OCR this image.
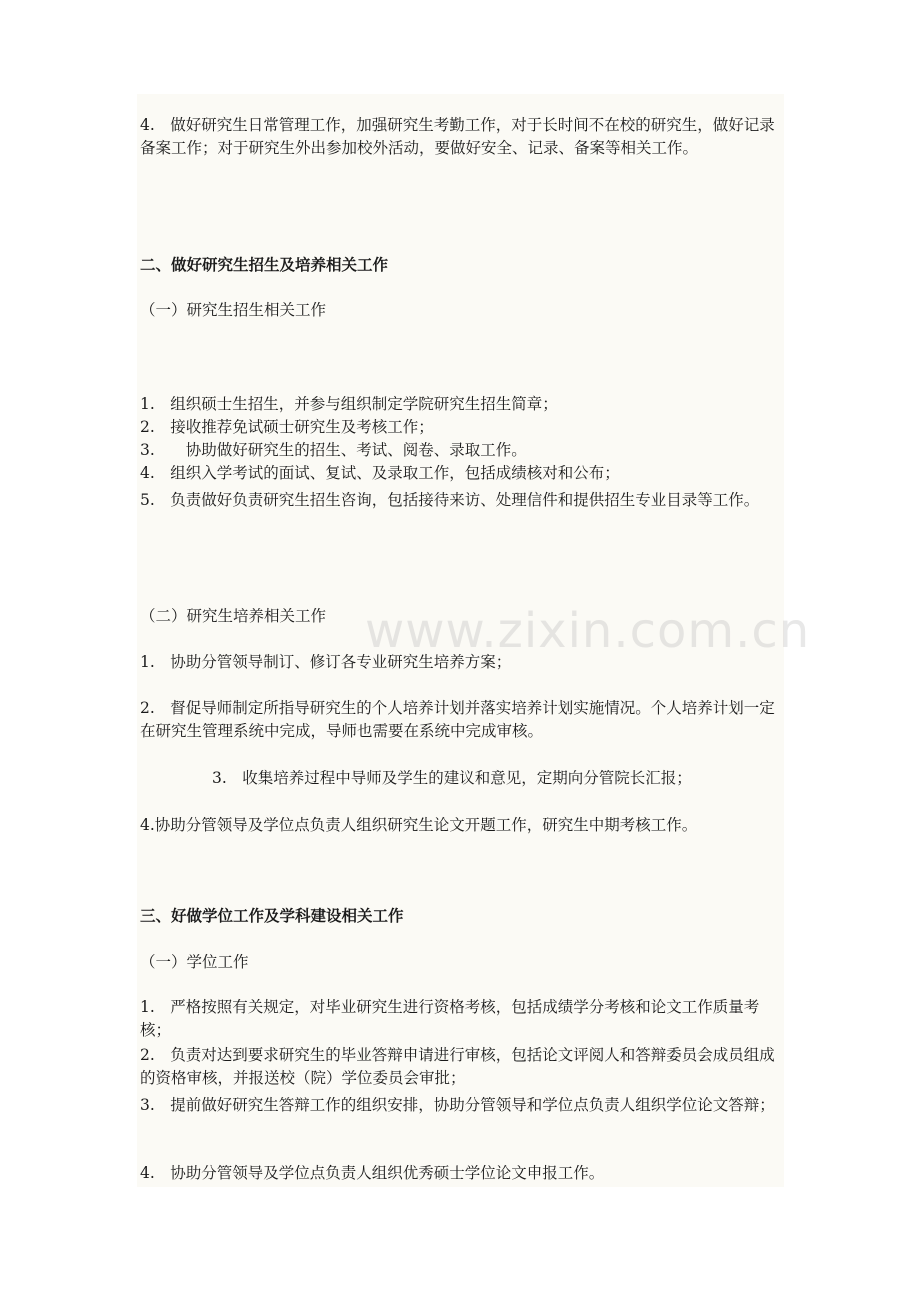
4.　做好研究生日常管理工作，加强研究生考勤工作，对于长时间不在校的研究生，做好记录备案工作；对于研究生外出参加校外活动，要做好安全、记录、备案等相关工作。

二、做好研究生招生及培养相关工作

（一）研究生招生相关工作

1.　组织硕士生招生，并参与组织制定学院研究生招生简章；

2.　接收推荐免试硕士研究生及考核工作；

3.　　协助做好研究生的招生、考试、阅卷、录取工作。

4.　组织入学考试的面试、复试、及录取工作，包括成绩核对和公布；

5.　负责做好负责研究生招生咨询，包括接待来访、处理信件和提供招生专业目录等工作。

（二）研究生培养相关工作

1.　协助分管领导制订、修订各专业研究生培养方案；

2.　督促导师制定所指导研究生的个人培养计划并落实培养计划实施情况。个人培养计划一定在研究生管理系统中完成，导师也需要在系统中完成审核。

3.　收集培养过程中导师及学生的建议和意见，定期向分管院长汇报；

4.协助分管领导及学位点负责人组织研究生论文开题工作，研究生中期考核工作。

三、好做学位工作及学科建设相关工作

（一）学位工作

1.　严格按照有关规定，对毕业研究生进行资格考核，包括成绩学分考核和论文工作质量考核；

2.　负责对达到要求研究生的毕业答辩申请进行审核，包括论文评阅人和答辩委员会成员组成的资格审核，并报送校（院）学位委员会审批；

3.　提前做好研究生答辩工作的组织安排，协助分管领导和学位点负责人组织学位论文答辩；

4.　协助分管领导及学位点负责人组织优秀硕士学位论文申报工作。

www.zixin.com.cn
